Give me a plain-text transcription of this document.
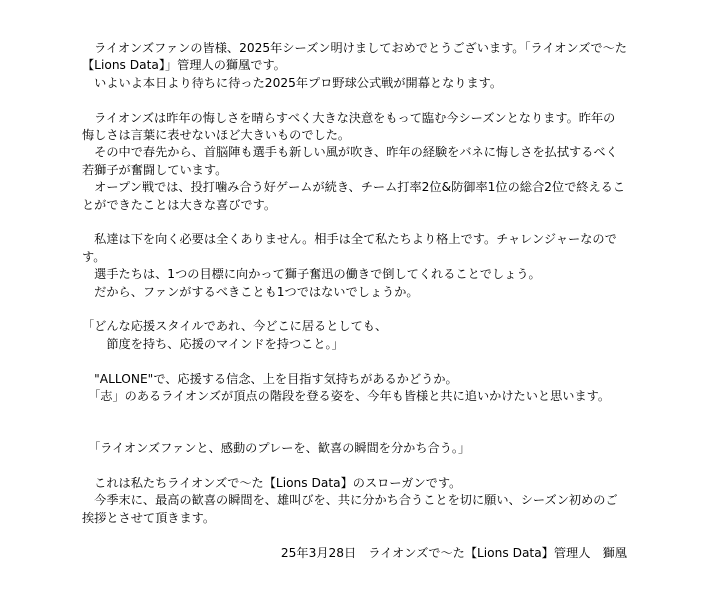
　ライオンズファンの皆様、2025年シーズン明けましておめでとうございます。「ライオンズで〜た【Lions Data】」管理人の獅凰です。

　いよいよ本日より待ちに待った2025年プロ野球公式戦が開幕となります。

　ライオンズは昨年の悔しさを晴らすべく大きな決意をもって臨む今シーズンとなります。昨年の悔しさは言葉に表せないほど大きいものでした。

　その中で春先から、首脳陣も選手も新しい風が吹き、昨年の経験をバネに悔しさを払拭するべく若獅子が奮闘しています。

　オープン戦では、投打噛み合う好ゲームが続き、チーム打率2位&防御率1位の総合2位で終えることができたことは大きな喜びです。

　私達は下を向く必要は全くありません。相手は全て私たちより格上です。チャレンジャーなのです。

　選手たちは、1つの目標に向かって獅子奮迅の働きで倒してくれることでしょう。

　だから、ファンがするべきことも1つではないでしょうか。

「どんな応援スタイルであれ、今どこに居るとしても、

　　節度を持ち、応援のマインドを持つこと。」

　"ALLONE"で、応援する信念、上を目指す気持ちがあるかどうか。

　「志」のあるライオンズが頂点の階段を登る姿を、今年も皆様と共に追いかけたいと思います。

　「ライオンズファンと、感動のプレーを、歓喜の瞬間を分かち合う。」

　これは私たちライオンズで〜た【Lions Data】のスローガンです。

　今季末に、最高の歓喜の瞬間を、雄叫びを、共に分かち合うことを切に願い、シーズン初めのご挨拶とさせて頂きます。

25年3月28日　ライオンズで〜た【Lions Data】管理人　獅凰
